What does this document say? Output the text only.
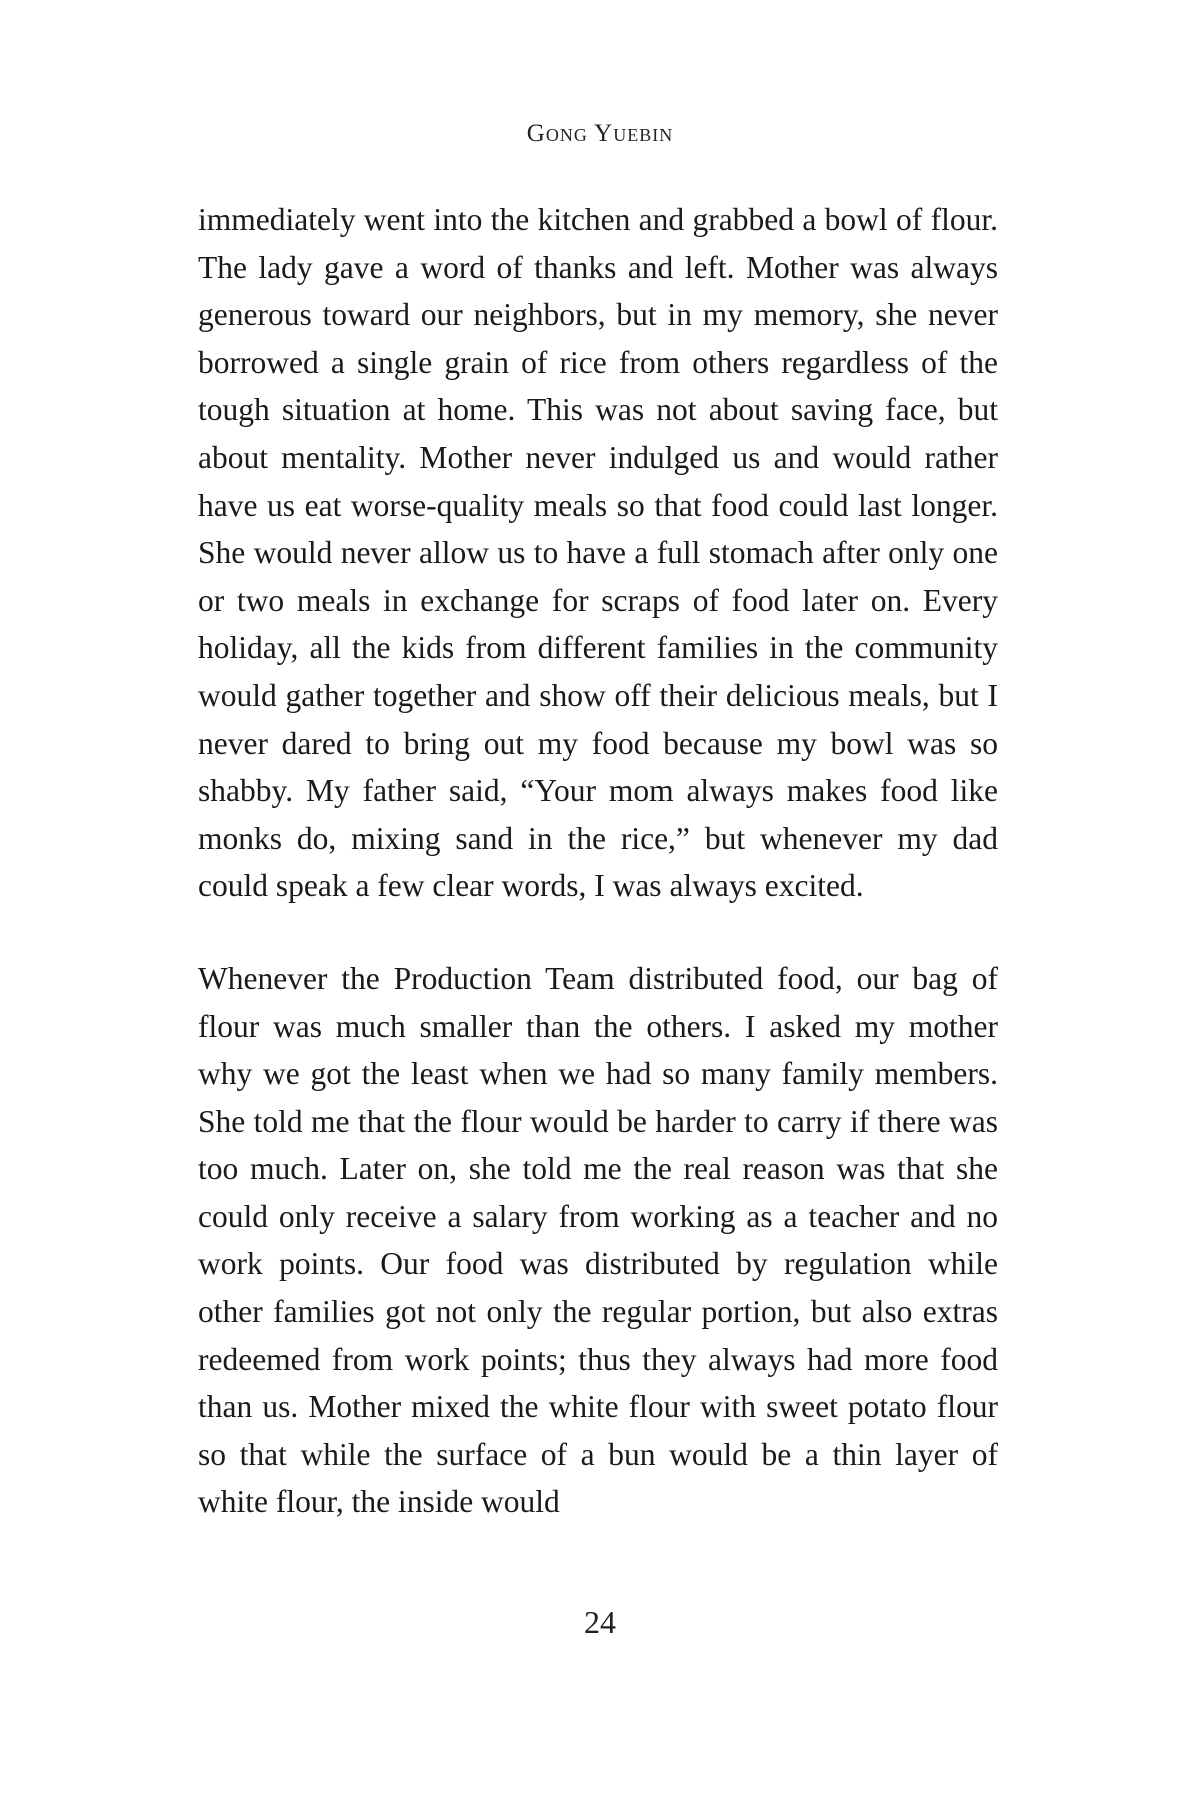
Gong Yuebin

immediately went into the kitchen and grabbed a bowl of flour. The lady gave a word of thanks and left. Mother was always generous toward our neighbors, but in my memory, she never borrowed a single grain of rice from others regardless of the tough situation at home. This was not about saving face, but about mentality. Mother never indulged us and would rather have us eat worse-quality meals so that food could last longer. She would never allow us to have a full stomach after only one or two meals in exchange for scraps of food later on. Every holiday, all the kids from different families in the community would gather together and show off their delicious meals, but I never dared to bring out my food because my bowl was so shabby. My father said, “Your mom always makes food like monks do, mixing sand in the rice,” but whenever my dad could speak a few clear words, I was always excited.

Whenever the Production Team distributed food, our bag of flour was much smaller than the others. I asked my mother why we got the least when we had so many family members. She told me that the flour would be harder to carry if there was too much. Later on, she told me the real reason was that she could only receive a salary from working as a teacher and no work points. Our food was distributed by regulation while other families got not only the regular portion, but also extras redeemed from work points; thus they always had more food than us. Mother mixed the white flour with sweet potato flour so that while the surface of a bun would be a thin layer of white flour, the inside would

24
